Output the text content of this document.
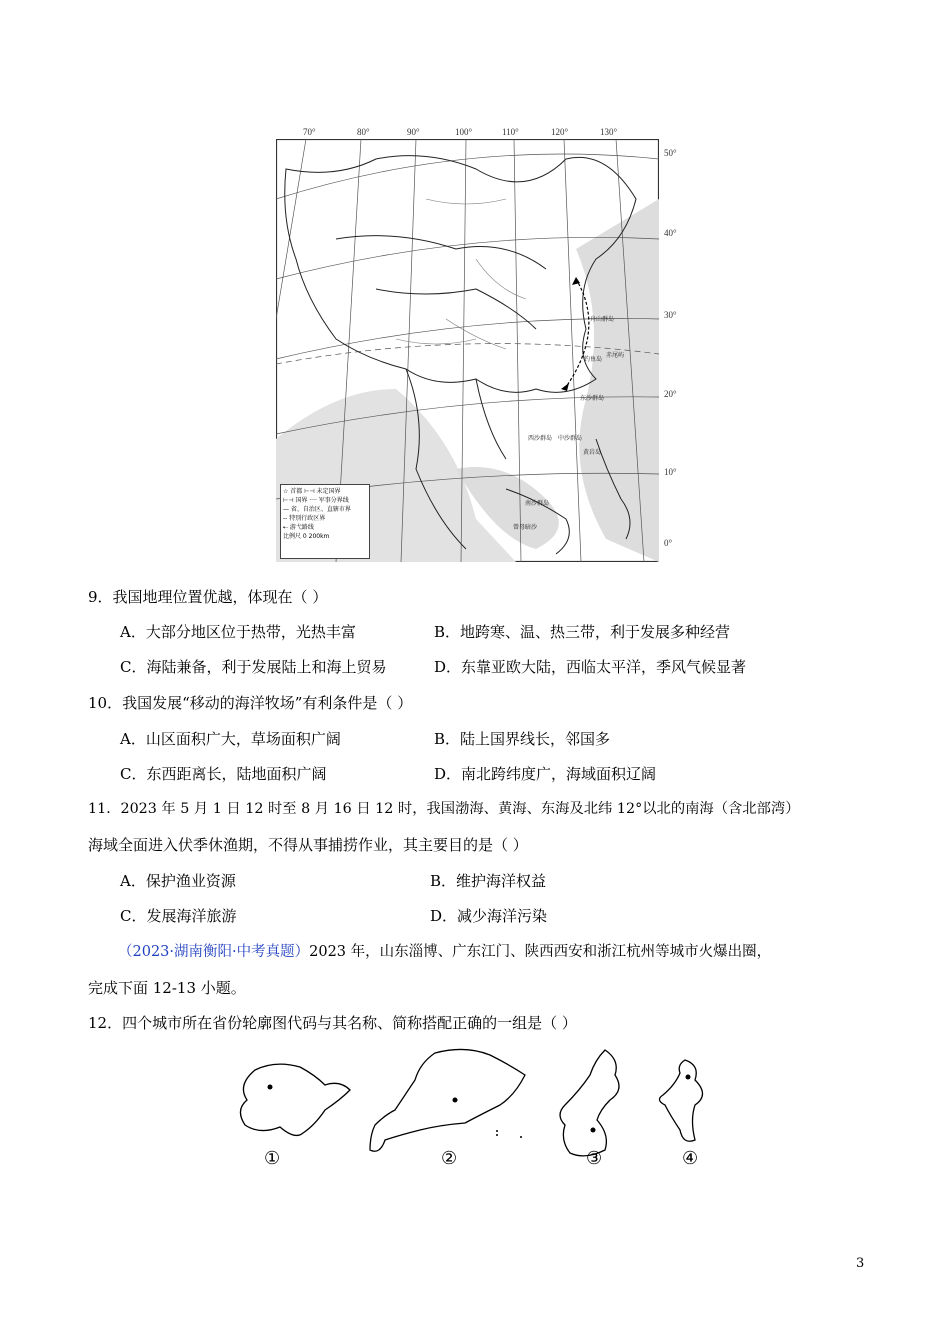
70°	80°	90°	100°	110°	120°	130°
50°
40°
30°
20°
10°
0°
舟山群岛
钓鱼岛
赤尾屿
东沙群岛
西沙群岛 中沙群岛
黄岩岛
南沙群岛
曾母暗沙
☆ 首都 ⊢⊣ 未定国界
⊢⊣ 国界 ···· 军事分界线
— 省、自治区、直辖市界
-- 特别行政区界
⇠ 游弋路线
比例尺 0 200km
9．我国地理位置优越，体现在（ ）
A．大部分地区位于热带，光热丰富	B．地跨寒、温、热三带，利于发展多种经营
C．海陆兼备，利于发展陆上和海上贸易	D．东靠亚欧大陆，西临太平洋，季风气候显著
10．我国发展“移动的海洋牧场”有利条件是（ ）
A．山区面积广大，草场面积广阔	B．陆上国界线长，邻国多
C．东西距离长，陆地面积广阔	D．南北跨纬度广，海域面积辽阔
11．2023 年 5 月 1 日 12 时至 8 月 16 日 12 时，我国渤海、黄海、东海及北纬 12°以北的南海（含北部湾）
海域全面进入伏季休渔期，不得从事捕捞作业，其主要目的是（ ）
A．保护渔业资源	B．维护海洋权益
C．发展海洋旅游	D．减少海洋污染
（2023·湖南衡阳·中考真题）2023 年，山东淄博、广东江门、陕西西安和浙江杭州等城市火爆出圈，
完成下面 12-13 小题。
12．四个城市所在省份轮廓图代码与其名称、简称搭配正确的一组是（ ）
①	②	③	④
3
